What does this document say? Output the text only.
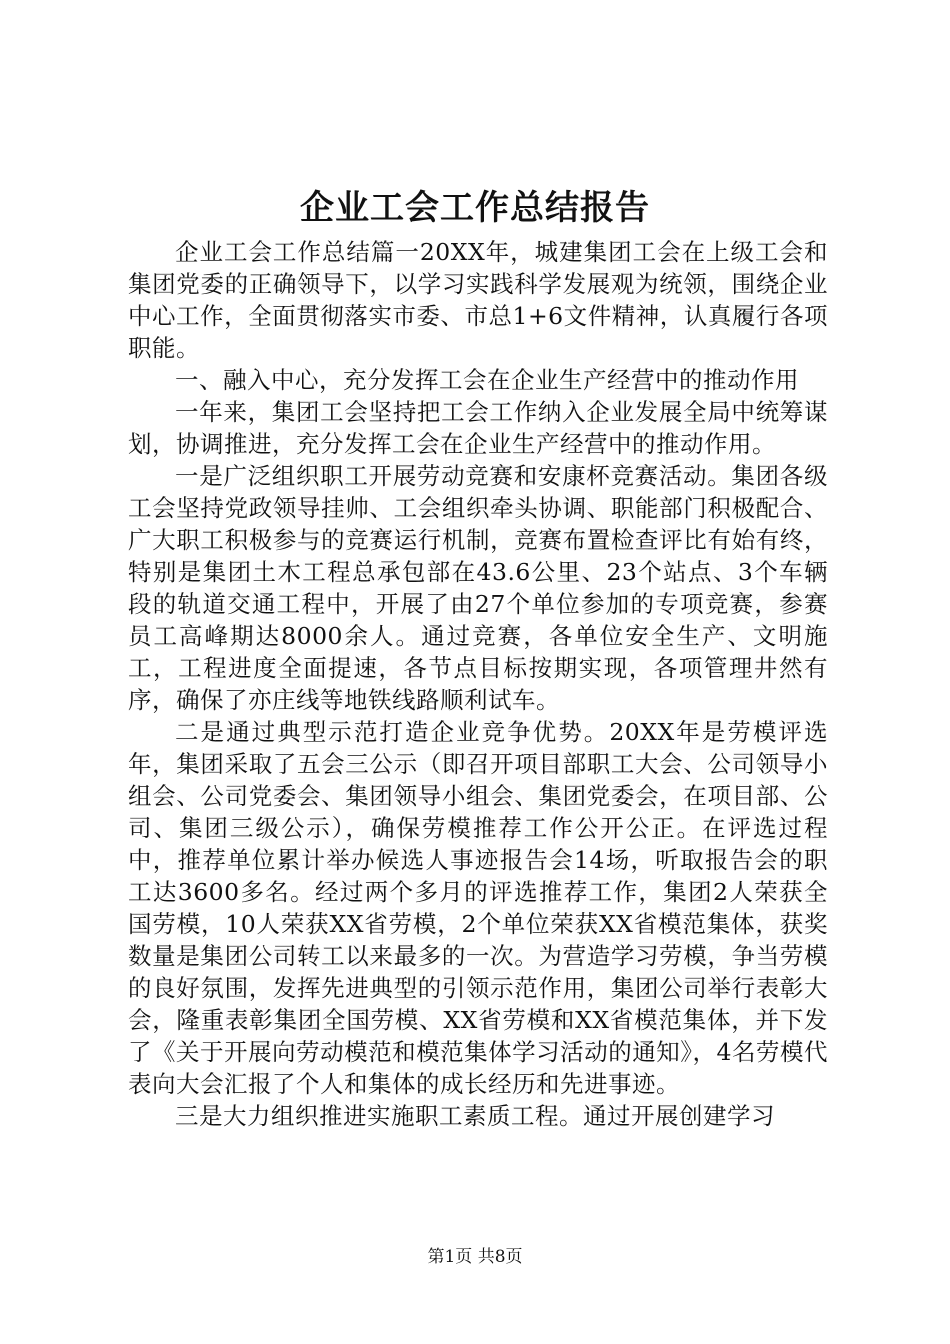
企业工会工作总结报告

企业工会工作总结篇一20XX年，城建集团工会在上级工会和集团党委的正确领导下，以学习实践科学发展观为统领，围绕企业中心工作，全面贯彻落实市委、市总1+6文件精神，认真履行各项职能。

一、融入中心，充分发挥工会在企业生产经营中的推动作用

一年来，集团工会坚持把工会工作纳入企业发展全局中统筹谋划，协调推进，充分发挥工会在企业生产经营中的推动作用。

一是广泛组织职工开展劳动竞赛和安康杯竞赛活动。集团各级工会坚持党政领导挂帅、工会组织牵头协调、职能部门积极配合、广大职工积极参与的竞赛运行机制，竞赛布置检查评比有始有终，特别是集团土木工程总承包部在43.6公里、23个站点、3个车辆段的轨道交通工程中，开展了由27个单位参加的专项竞赛，参赛员工高峰期达8000余人。通过竞赛，各单位安全生产、文明施工，工程进度全面提速，各节点目标按期实现，各项管理井然有序，确保了亦庄线等地铁线路顺利试车。

二是通过典型示范打造企业竞争优势。20XX年是劳模评选年，集团采取了五会三公示（即召开项目部职工大会、公司领导小组会、公司党委会、集团领导小组会、集团党委会，在项目部、公司、集团三级公示），确保劳模推荐工作公开公正。在评选过程中，推荐单位累计举办候选人事迹报告会14场，听取报告会的职工达3600多名。经过两个多月的评选推荐工作，集团2人荣获全国劳模，10人荣获XX省劳模，2个单位荣获XX省模范集体，获奖数量是集团公司转工以来最多的一次。为营造学习劳模，争当劳模的良好氛围，发挥先进典型的引领示范作用，集团公司举行表彰大会，隆重表彰集团全国劳模、XX省劳模和XX省模范集体，并下发了《关于开展向劳动模范和模范集体学习活动的通知》，4名劳模代表向大会汇报了个人和集体的成长经历和先进事迹。

三是大力组织推进实施职工素质工程。通过开展创建学习

第1页 共8页
